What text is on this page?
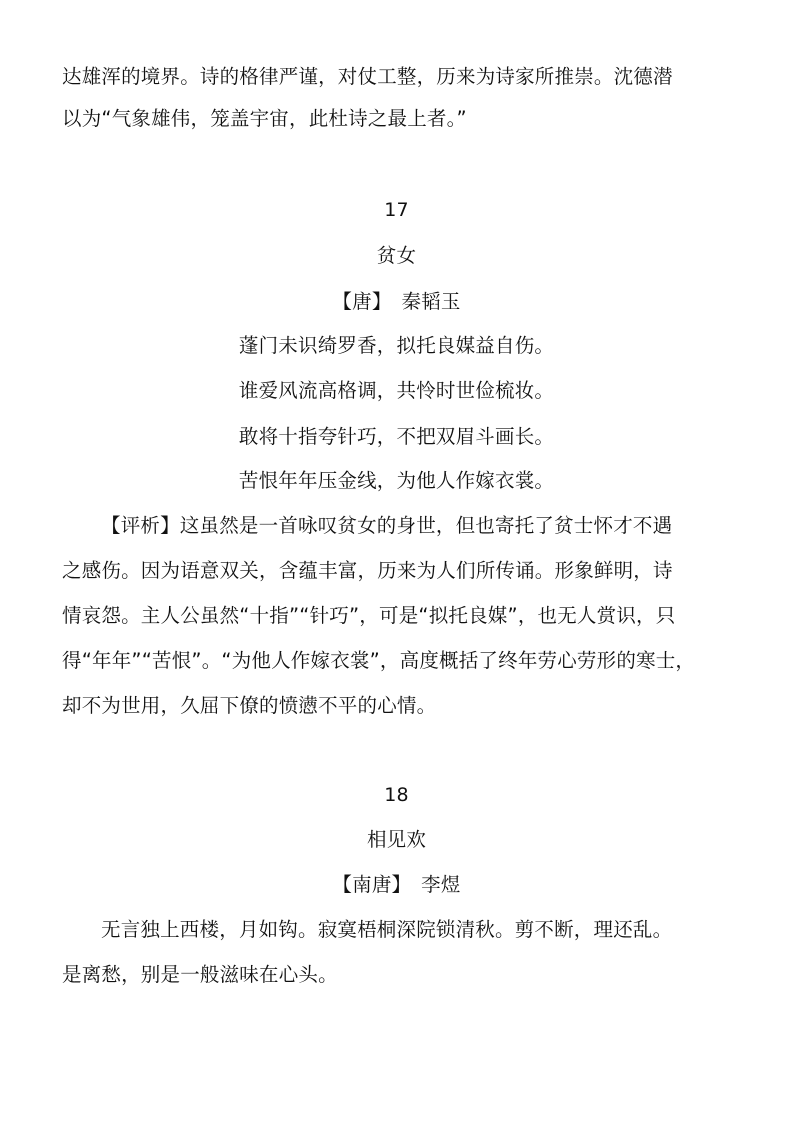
达雄浑的境界。诗的格律严谨，对仗工整，历来为诗家所推崇。沈德潜
以为“气象雄伟，笼盖宇宙，此杜诗之最上者。”
17
贫女
【唐】　秦韬玉
蓬门未识绮罗香，拟托良媒益自伤。
谁爱风流高格调，共怜时世俭梳妆。
敢将十指夸针巧，不把双眉斗画长。
苦恨年年压金线，为他人作嫁衣裳。
【评析】这虽然是一首咏叹贫女的身世，但也寄托了贫士怀才不遇
之感伤。因为语意双关，含蕴丰富，历来为人们所传诵。形象鲜明，诗
情哀怨。主人公虽然“十指”“针巧”，可是“拟托良媒”，也无人赏识，只
得“年年”“苦恨”。“为他人作嫁衣裳”，高度概括了终年劳心劳形的寒士，
却不为世用，久屈下僚的愤懑不平的心情。
18
相见欢
【南唐】　李煜
无言独上西楼，月如钩。寂寞梧桐深院锁清秋。剪不断，理还乱。
是离愁，别是一般滋味在心头。
